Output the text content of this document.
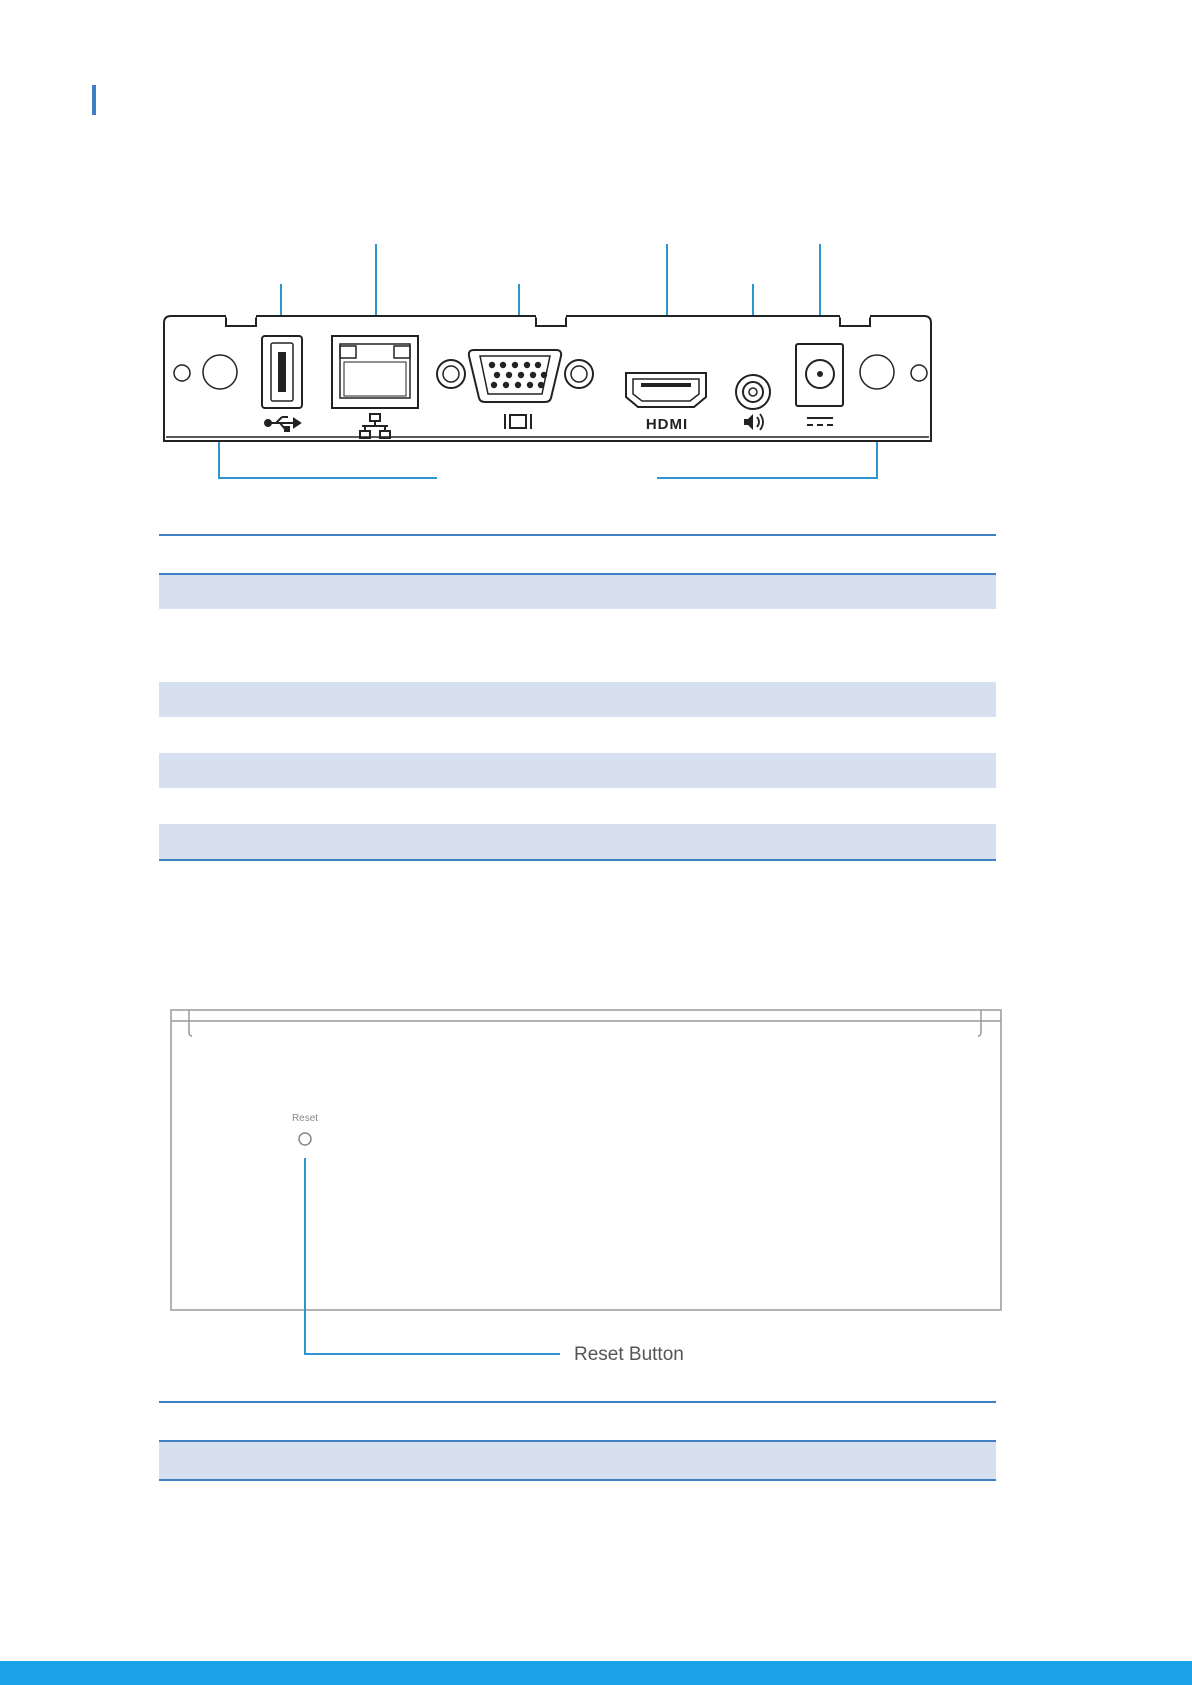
HDMI
Reset
Reset Button
